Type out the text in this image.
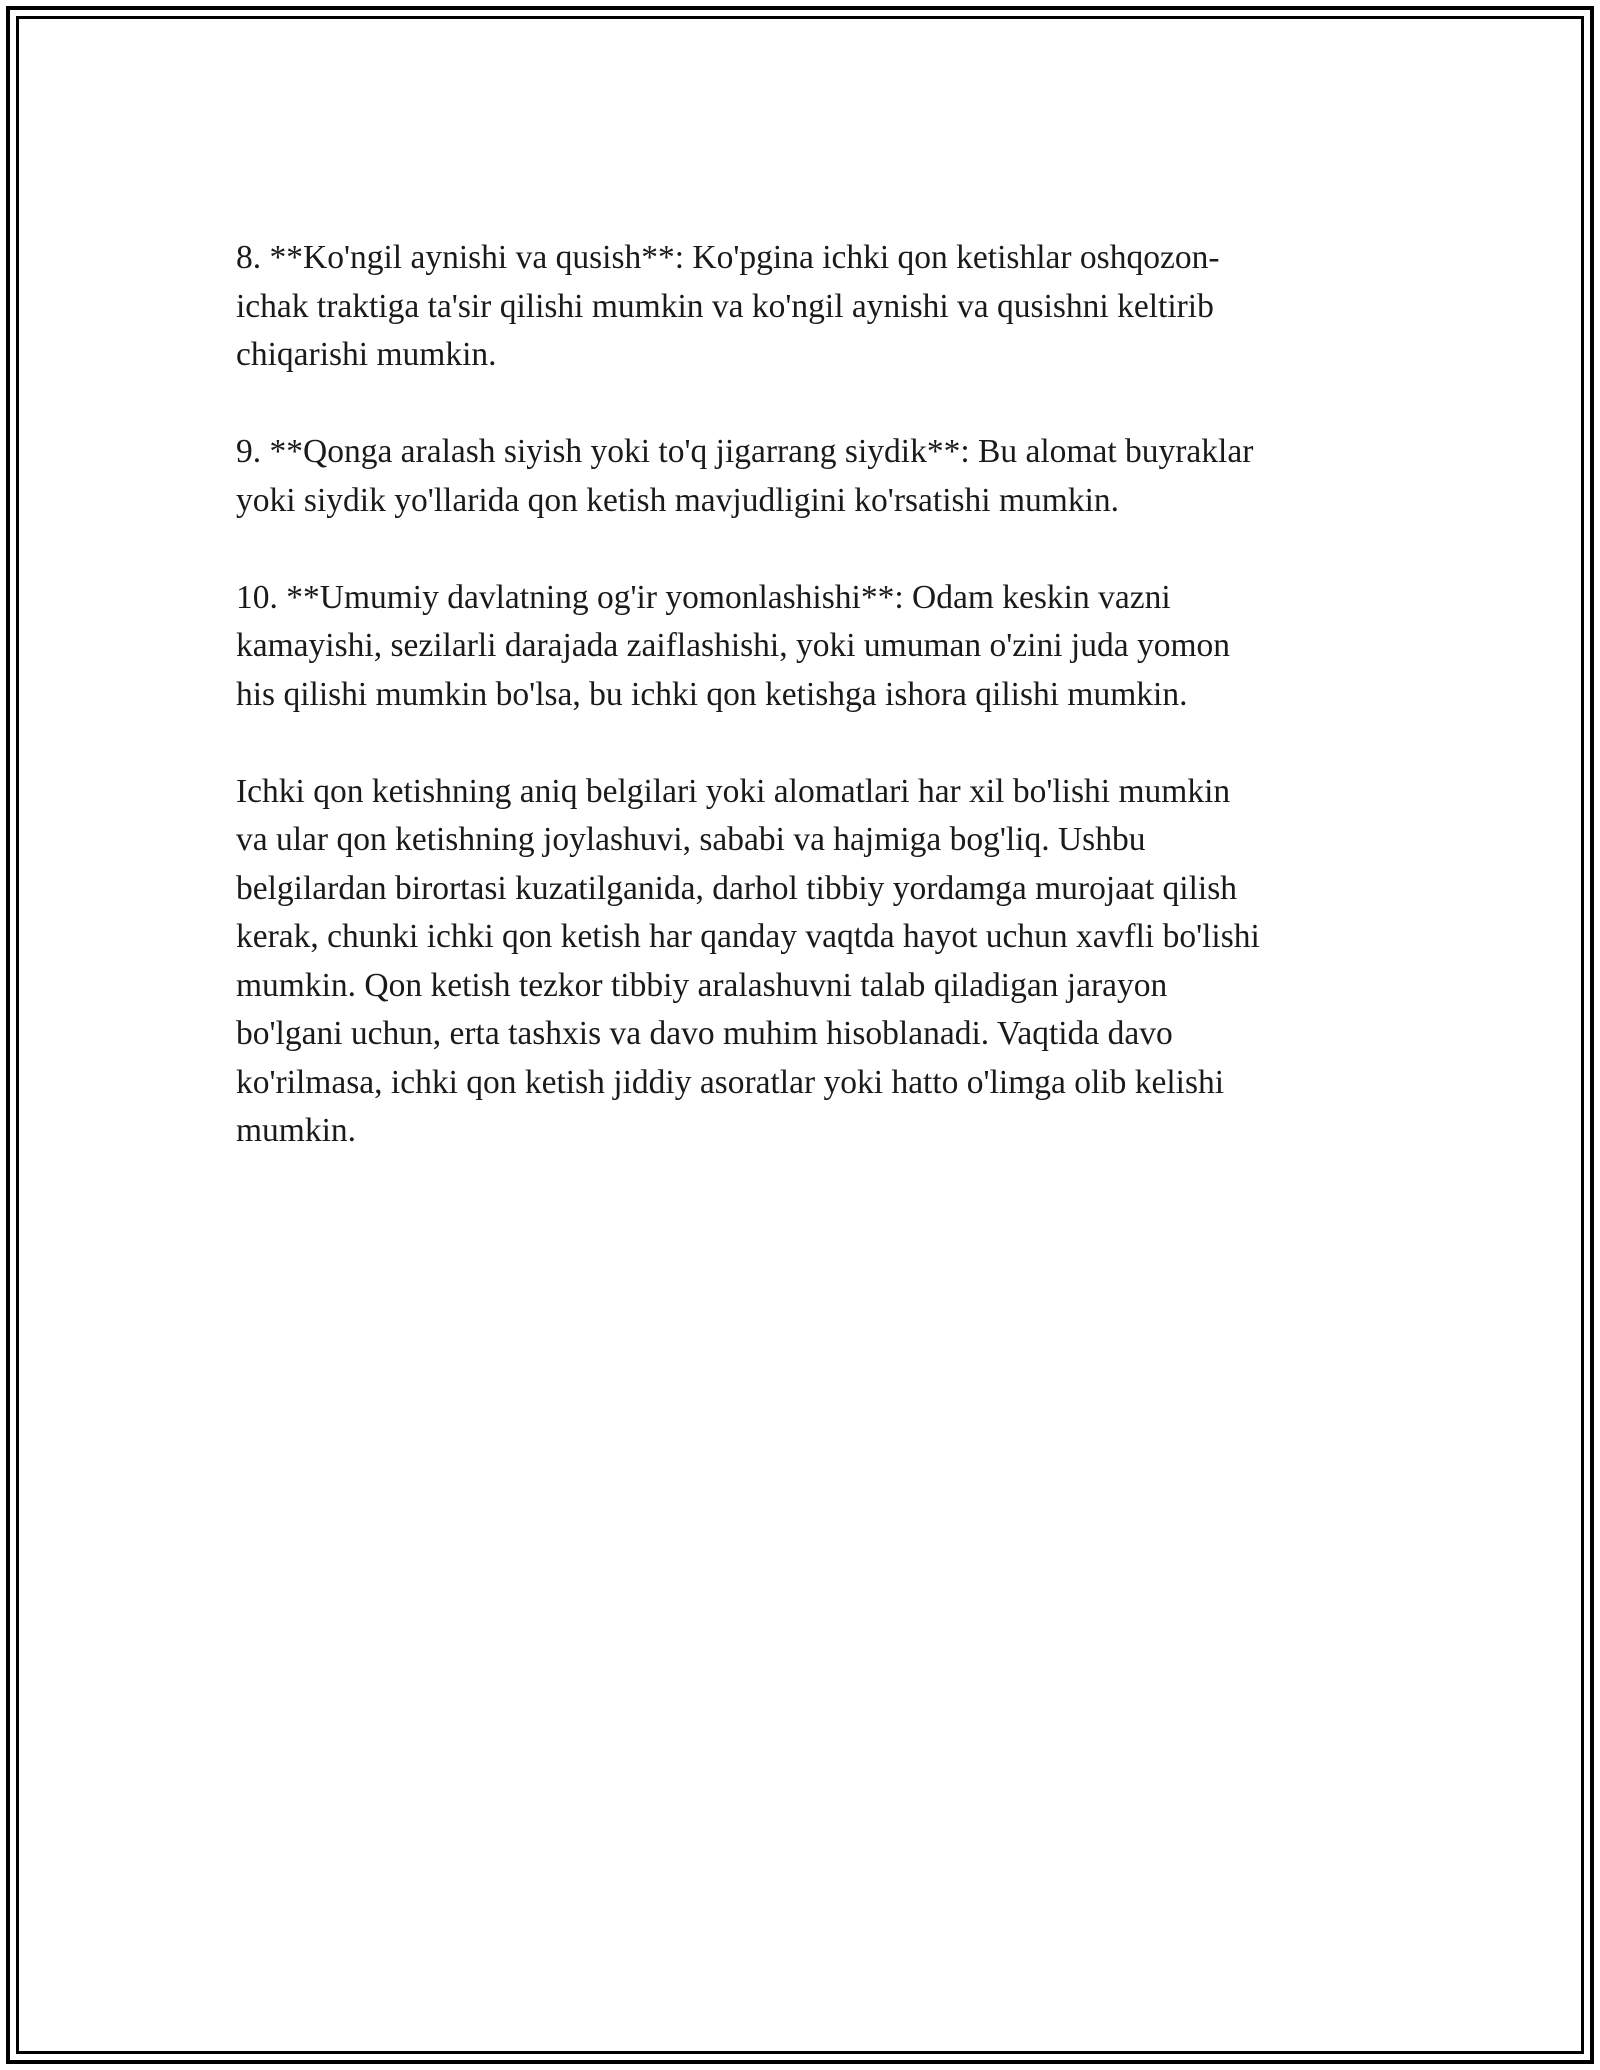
8. **Ko'ngil aynishi va qusish**: Ko'pgina ichki qon ketishlar oshqozon-
ichak traktiga ta'sir qilishi mumkin va ko'ngil aynishi va qusishni keltirib
chiqarishi mumkin.

9. **Qonga aralash siyish yoki to'q jigarrang siydik**: Bu alomat buyraklar
yoki siydik yo'llarida qon ketish mavjudligini ko'rsatishi mumkin.

10. **Umumiy davlatning og'ir yomonlashishi**: Odam keskin vazni
kamayishi, sezilarli darajada zaiflashishi, yoki umuman o'zini juda yomon
his qilishi mumkin bo'lsa, bu ichki qon ketishga ishora qilishi mumkin.

Ichki qon ketishning aniq belgilari yoki alomatlari har xil bo'lishi mumkin
va ular qon ketishning joylashuvi, sababi va hajmiga bog'liq. Ushbu
belgilardan birortasi kuzatilganida, darhol tibbiy yordamga murojaat qilish
kerak, chunki ichki qon ketish har qanday vaqtda hayot uchun xavfli bo'lishi
mumkin. Qon ketish tezkor tibbiy aralashuvni talab qiladigan jarayon
bo'lgani uchun, erta tashxis va davo muhim hisoblanadi. Vaqtida davo
ko'rilmasa, ichki qon ketish jiddiy asoratlar yoki hatto o'limga olib kelishi
mumkin.
